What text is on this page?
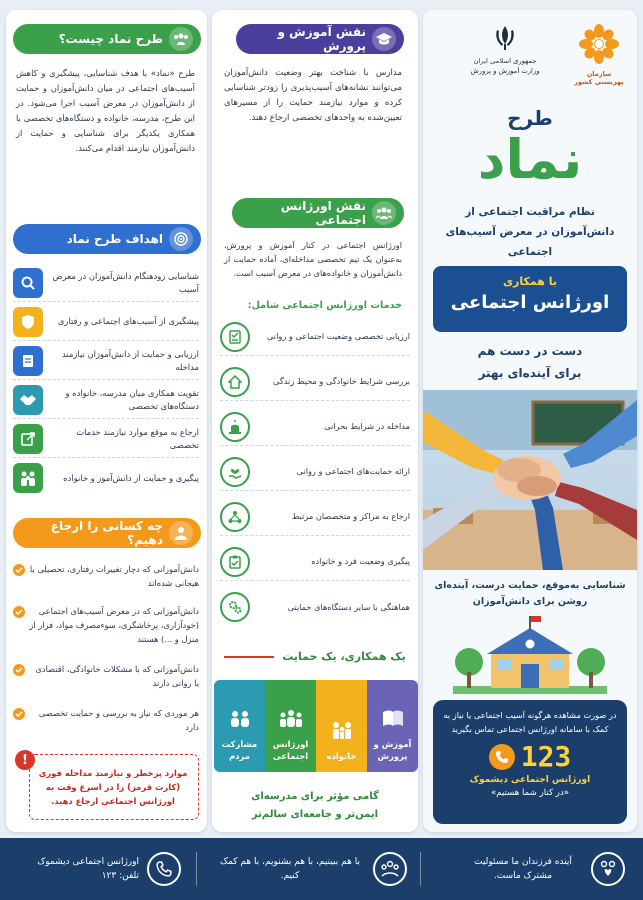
سازمان بهزیستی کشور
جمهوری اسلامی ایران
وزارت آموزش و پرورش
طرح
نماد
نظام مراقبت اجتماعی از دانش‌آموزان در معرض آسیب‌های اجتماعی
با همکاری
اورژانس اجتماعی
دست در دست هم برای آینده‌ای بهتر
شناسایی به‌موقع، حمایت درست، آینده‌ای روشن برای دانش‌آموزان
در صورت مشاهده هرگونه آسیب اجتماعی یا نیاز به کمک با سامانه اورژانس اجتماعی تماس بگیرید
123
اورژانس اجتماعی دیشموک
«در کنار شما هستیم»
نقش آموزش و پرورش
مدارس با شناخت بهتر وضعیت دانش‌آموزان می‌توانند نشانه‌های آسیب‌پذیری را زودتر شناسایی کرده و موارد نیازمند حمایت را از مسیرهای تعیین‌شده به واحدهای تخصصی ارجاع دهند.
نقش اورژانس اجتماعی
اورژانس اجتماعی در کنار آموزش و پرورش، به‌عنوان یک تیم تخصصی مداخله‌ای، آماده حمایت از دانش‌آموزان و خانواده‌های در معرض آسیب است.
خدمات اورژانس اجتماعی شامل:
ارزیابی تخصصی وضعیت اجتماعی و روانی
بررسی شرایط خانوادگی و محیط زندگی
مداخله در شرایط بحرانی
ارائه حمایت‌های اجتماعی و روانی
ارجاع به مراکز و متخصصان مرتبط
پیگیری وضعیت فرد و خانواده
هماهنگی با سایر دستگاه‌های حمایتی
یک همکاری، یک حمایت
آموزش و پرورش
خانواده
اورژانس اجتماعی
مشارکت مردم
گامی مؤثر برای مدرسه‌ای ایمن‌تر و جامعه‌ای سالم‌تر
طرح نماد چیست؟
طرح «نماد» با هدف شناسایی، پیشگیری و کاهش آسیب‌های اجتماعی در میان دانش‌آموزان و حمایت از دانش‌آموزان در معرض آسیب اجرا می‌شود. در این طرح، مدرسه، خانواده و دستگاه‌های تخصصی با همکاری یکدیگر برای شناسایی و حمایت از دانش‌آموزان نیازمند اقدام می‌کنند.
اهداف طرح نماد
شناسایی زودهنگام دانش‌آموزان در معرض آسیب
پیشگیری از آسیب‌های اجتماعی و رفتاری
ارزیابی و حمایت از دانش‌آموزان نیازمند مداخله
تقویت همکاری میان مدرسه، خانواده و دستگاه‌های تخصصی
ارجاع به موقع موارد نیازمند خدمات تخصصی
پیگیری و حمایت از دانش‌آموز و خانواده
چه کسانی را ارجاع دهیم؟
دانش‌آموزانی که دچار تغییرات رفتاری، تحصیلی یا هیجانی شده‌اند
دانش‌آموزانی که در معرض آسیب‌های اجتماعی (خودآزاری، پرخاشگری، سوءمصرف مواد، فرار از منزل و ...) هستند
دانش‌آموزانی که با مشکلات خانوادگی، اقتصادی یا روانی دارند
هر موردی که نیاز به بررسی و حمایت تخصصی دارد
موارد پرخطر و نیازمند مداخله فوری (کارت قرمز) را در اسرع وقت به اورژانس اجتماعی ارجاع دهید.
!
آینده فرزندان ما مسئولیت مشترک ماست.
با هم ببینیم، با هم بشنویم، با هم کمک کنیم.
اورژانس اجتماعی دیشموک
تلفن: ۱۲۳
